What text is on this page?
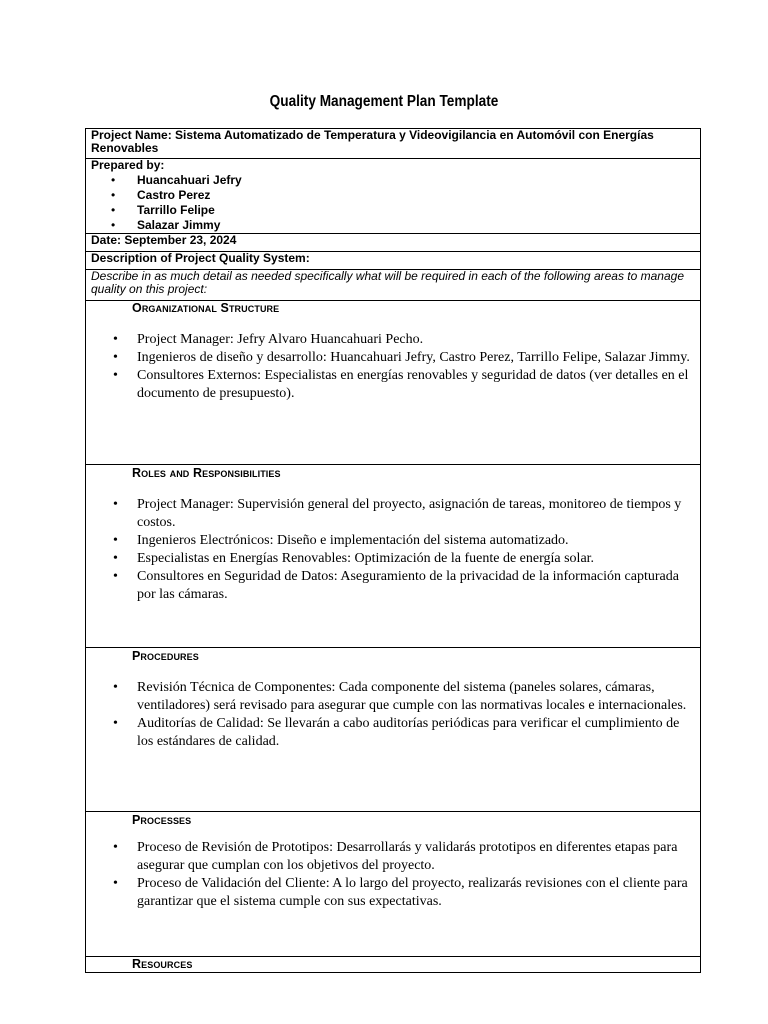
Quality Management Plan Template
Project Name: Sistema Automatizado de Temperatura y Videovigilancia en Automóvil con Energías Renovables

Prepared by:
• Huancahuari Jefry
• Castro Perez
• Tarrillo Felipe
• Salazar Jimmy

Date: September 23, 2024
Description of Project Quality System:
Describe in as much detail as needed specifically what will be required in each of the following areas to manage quality on this project:

Organizational Structure
• Project Manager: Jefry Alvaro Huancahuari Pecho.
• Ingenieros de diseño y desarrollo: Huancahuari Jefry, Castro Perez, Tarrillo Felipe, Salazar Jimmy.
• Consultores Externos: Especialistas en energías renovables y seguridad de datos (ver detalles en el documento de presupuesto).

Roles and Responsibilities
• Project Manager: Supervisión general del proyecto, asignación de tareas, monitoreo de tiempos y costos.
• Ingenieros Electrónicos: Diseño e implementación del sistema automatizado.
• Especialistas en Energías Renovables: Optimización de la fuente de energía solar.
• Consultores en Seguridad de Datos: Aseguramiento de la privacidad de la información capturada por las cámaras.

Procedures
• Revisión Técnica de Componentes: Cada componente del sistema (paneles solares, cámaras, ventiladores) será revisado para asegurar que cumple con las normativas locales e internacionales.
• Auditorías de Calidad: Se llevarán a cabo auditorías periódicas para verificar el cumplimiento de los estándares de calidad.

Processes
• Proceso de Revisión de Prototipos: Desarrollarás y validarás prototipos en diferentes etapas para asegurar que cumplan con los objetivos del proyecto.
• Proceso de Validación del Cliente: A lo largo del proyecto, realizarás revisiones con el cliente para garantizar que el sistema cumple con sus expectativas.

Resources
